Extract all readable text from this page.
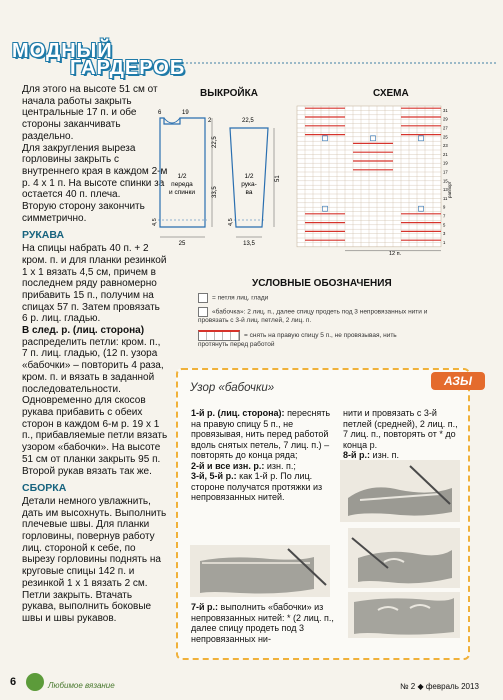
МОДНЫЙ
ГАРДЕРОБ

Для этого на высоте 51 см от начала работы закрыть центральные 17 п. и обе стороны заканчивать раздельно.

Для закругления выреза горловины закрыть с внутреннего края в каждом 2-м р. 4 х 1 п. На высоте спинки за остается 40 п. плеча.

Вторую сторону закончить симметрично.

РУКАВА

На спицы набрать 40 п. + 2 кром. п. и для планки резинкой 1 х 1 вязать 4,5 см, причем в последнем ряду равномерно прибавить 15 п., получим на спицах 57 п. Затем провязать 6 р. лиц. гладью.

В след. р. (лиц. сторона) распределить петли: кром. п., 7 п. лиц. гладью, (12 п. узора «бабочки» – повторить 4 раза, кром. п. и вязать в заданной последовательности. Одновременно для скосов рукава прибавить с обеих сторон в каждом 6-м р. 19 х 1 п., прибавляемые петли вязать узором «бабочки». На высоте 51 см от планки закрыть 95 п.

Второй рукав вязать так же.

СБОРКА

Детали немного увлажнить, дать им высохнуть. Выполнить плечевые швы. Для планки горловины, повернув работу лиц. стороной к себе, по вырезу горловины поднять на круговые спицы 142 п. и резинкой 1 х 1 вязать 2 см. Петли закрыть. Втачать рукава, выполнить боковые швы и швы рукавов.

ВЫКРОЙКА
1/2
переда
и спинки
1/2
рука-
ва
6	19
2	22,5
22,5
33,5
4,5
25
51
4,5
13,5
СХЕМА
31
29
27
25
23
21
19
17
15
13
11
9
7
5
3
1
раппорт
12 п.
УСЛОВНЫЕ ОБОЗНАЧЕНИЯ
= петля лиц. глади
«бабочка»: 2 лиц. п., далее спицу продеть под 3 непровязанных нити и провязать с 3-й лиц. петлей, 2 лиц. п.
= снять на правую спицу 5 п., не провязывая, нить протянуть перед работой
Узор «бабочки»	АЗЫ
1-й р. (лиц. сторона): переснять на правую спицу 5 п., не провязывая, нить перед работой вдоль снятых петель, 7 лиц. п.) – повторять до конца ряда;
2-й и все изн. р.: изн. п.;
3-й, 5-й р.: как 1-й р. По лиц. стороне получатся протяжки из непровязанных нитей.
нити и провязать с 3-й петлей (средней), 2 лиц. п., 7 лиц. п., повторять от * до конца р.
8-й р.: изн. п.
7-й р.: выполнить «бабочки» из непровязанных нитей: * (2 лиц. п., далее спицу продеть под 3 непровязанных ни-
6	Любимое вязание	№ 2 ◆ февраль 2013
